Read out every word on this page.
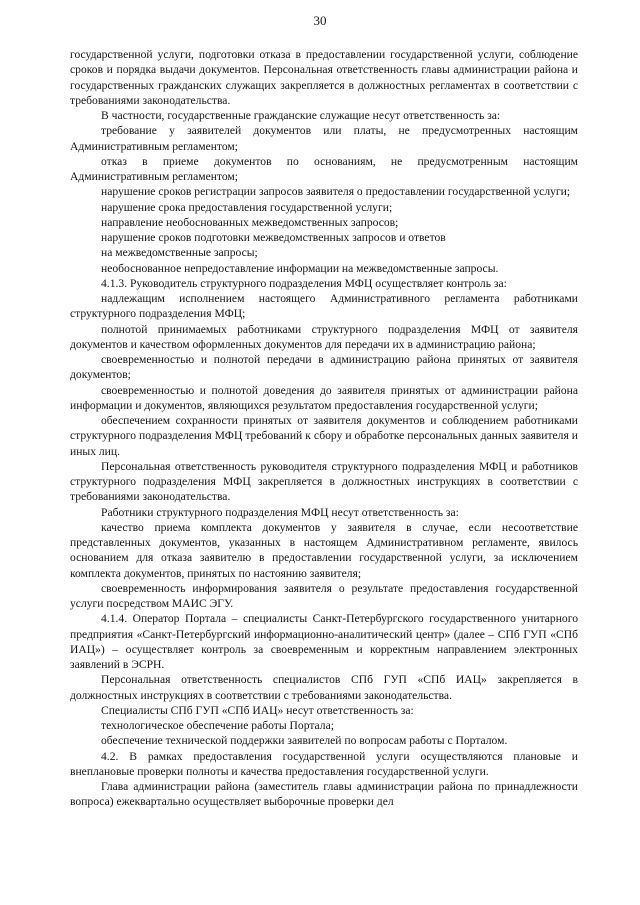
30

государственной услуги, подготовки отказа в предоставлении государственной услуги, соблюдение сроков и порядка выдачи документов. Персональная ответственность главы администрации района и государственных гражданских служащих закрепляется в должностных регламентах в соответствии с требованиями законодательства.

В частности, государственные гражданские служащие несут ответственность за:

требование у заявителей документов или платы, не предусмотренных настоящим Административным регламентом;

отказ в приеме документов по основаниям, не предусмотренным настоящим Административным регламентом;

нарушение сроков регистрации запросов заявителя о предоставлении государственной услуги;

нарушение срока предоставления государственной услуги;

направление необоснованных межведомственных запросов;

нарушение сроков подготовки межведомственных запросов и ответов

на межведомственные запросы;

необоснованное непредоставление информации на межведомственные запросы.

4.1.3. Руководитель структурного подразделения МФЦ осуществляет контроль за:

надлежащим исполнением настоящего Административного регламента работниками структурного подразделения МФЦ;

полнотой принимаемых работниками структурного подразделения МФЦ от заявителя документов и качеством оформленных документов для передачи их в администрацию района;

своевременностью и полнотой передачи в администрацию района принятых от заявителя документов;

своевременностью и полнотой доведения до заявителя принятых от администрации района информации и документов, являющихся результатом предоставления государственной услуги;

обеспечением сохранности принятых от заявителя документов и соблюдением работниками структурного подразделения МФЦ требований к сбору и обработке персональных данных заявителя и иных лиц.

Персональная ответственность руководителя структурного подразделения МФЦ и работников структурного подразделения МФЦ закрепляется в должностных инструкциях в соответствии с требованиями законодательства.

Работники структурного подразделения МФЦ несут ответственность за:

качество приема комплекта документов у заявителя в случае, если несоответствие представленных документов, указанных в настоящем Административном регламенте, явилось основанием для отказа заявителю в предоставлении государственной услуги, за исключением комплекта документов, принятых по настоянию заявителя;

своевременность информирования заявителя о результате предоставления государственной услуги посредством МАИС ЭГУ.

4.1.4. Оператор Портала – специалисты Санкт-Петербургского государственного унитарного предприятия «Санкт-Петербургский информационно-аналитический центр» (далее – СПб ГУП «СПб ИАЦ») – осуществляет контроль за своевременным и корректным направлением электронных заявлений в ЭСРН.

Персональная ответственность специалистов СПб ГУП «СПб ИАЦ» закрепляется в должностных инструкциях в соответствии с требованиями законодательства.

Специалисты СПб ГУП «СПб ИАЦ» несут ответственность за:

технологическое обеспечение работы Портала;

обеспечение технической поддержки заявителей по вопросам работы с Порталом.

4.2. В рамках предоставления государственной услуги осуществляются плановые и внеплановые проверки полноты и качества предоставления государственной услуги.

Глава администрации района (заместитель главы администрации района по принадлежности вопроса) ежеквартально осуществляет выборочные проверки дел
